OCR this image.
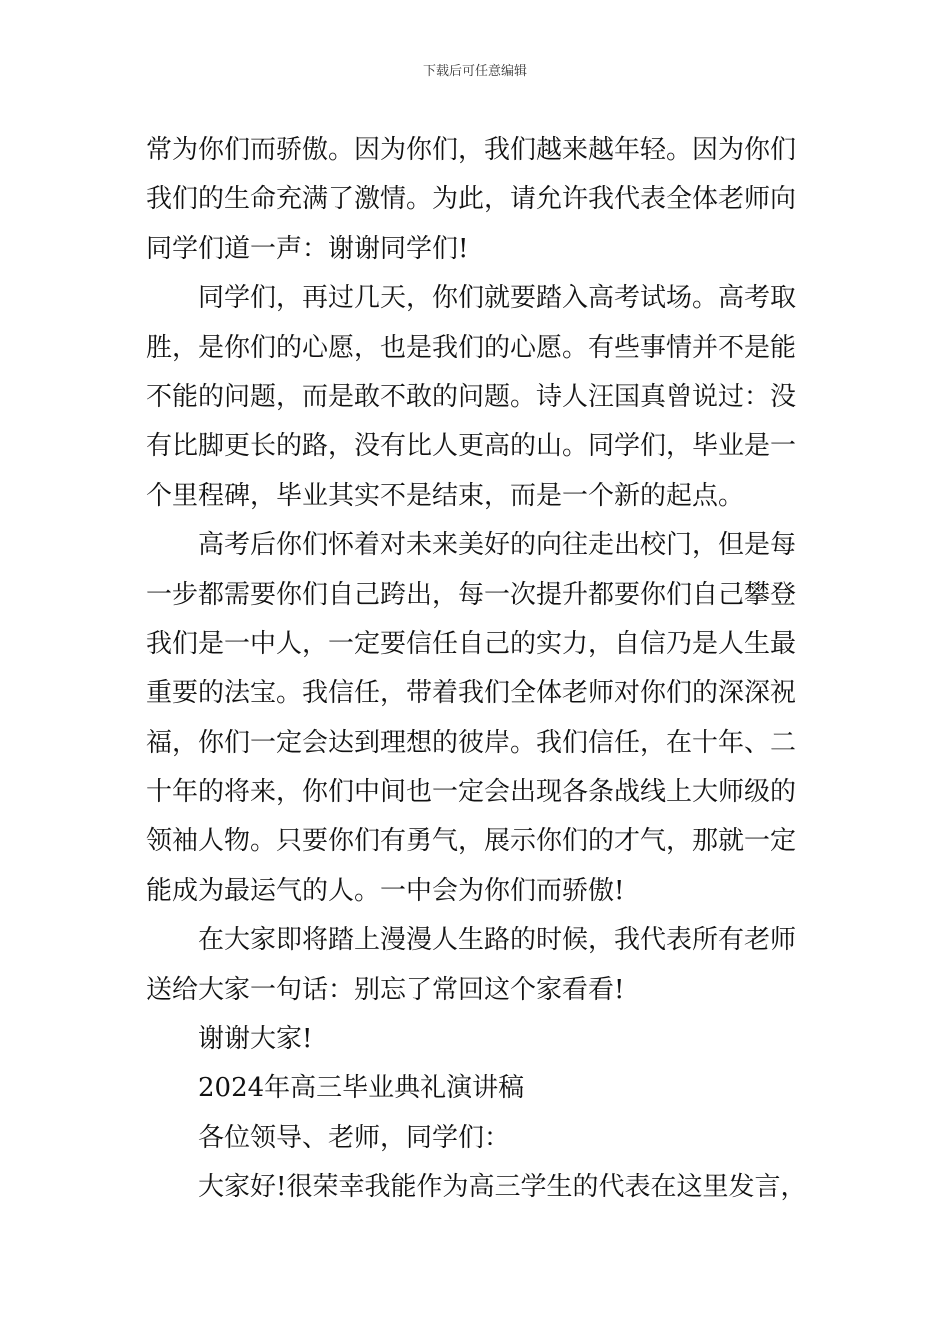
下载后可任意编辑
常为你们而骄傲。因为你们，我们越来越年轻。因为你们
我们的生命充满了激情。为此，请允许我代表全体老师向
同学们道一声：谢谢同学们!
同学们，再过几天，你们就要踏入高考试场。高考取
胜，是你们的心愿，也是我们的心愿。有些事情并不是能
不能的问题，而是敢不敢的问题。诗人汪国真曾说过：没
有比脚更长的路，没有比人更高的山。同学们，毕业是一
个里程碑，毕业其实不是结束，而是一个新的起点。
高考后你们怀着对未来美好的向往走出校门，但是每
一步都需要你们自己跨出，每一次提升都要你们自己攀登
我们是一中人，一定要信任自己的实力，自信乃是人生最
重要的法宝。我信任，带着我们全体老师对你们的深深祝
福，你们一定会达到理想的彼岸。我们信任，在十年、二
十年的将来，你们中间也一定会出现各条战线上大师级的
领袖人物。只要你们有勇气，展示你们的才气，那就一定
能成为最运气的人。一中会为你们而骄傲!
在大家即将踏上漫漫人生路的时候，我代表所有老师
送给大家一句话：别忘了常回这个家看看!
谢谢大家!
2024年高三毕业典礼演讲稿
各位领导、老师，同学们：
大家好!很荣幸我能作为高三学生的代表在这里发言，
